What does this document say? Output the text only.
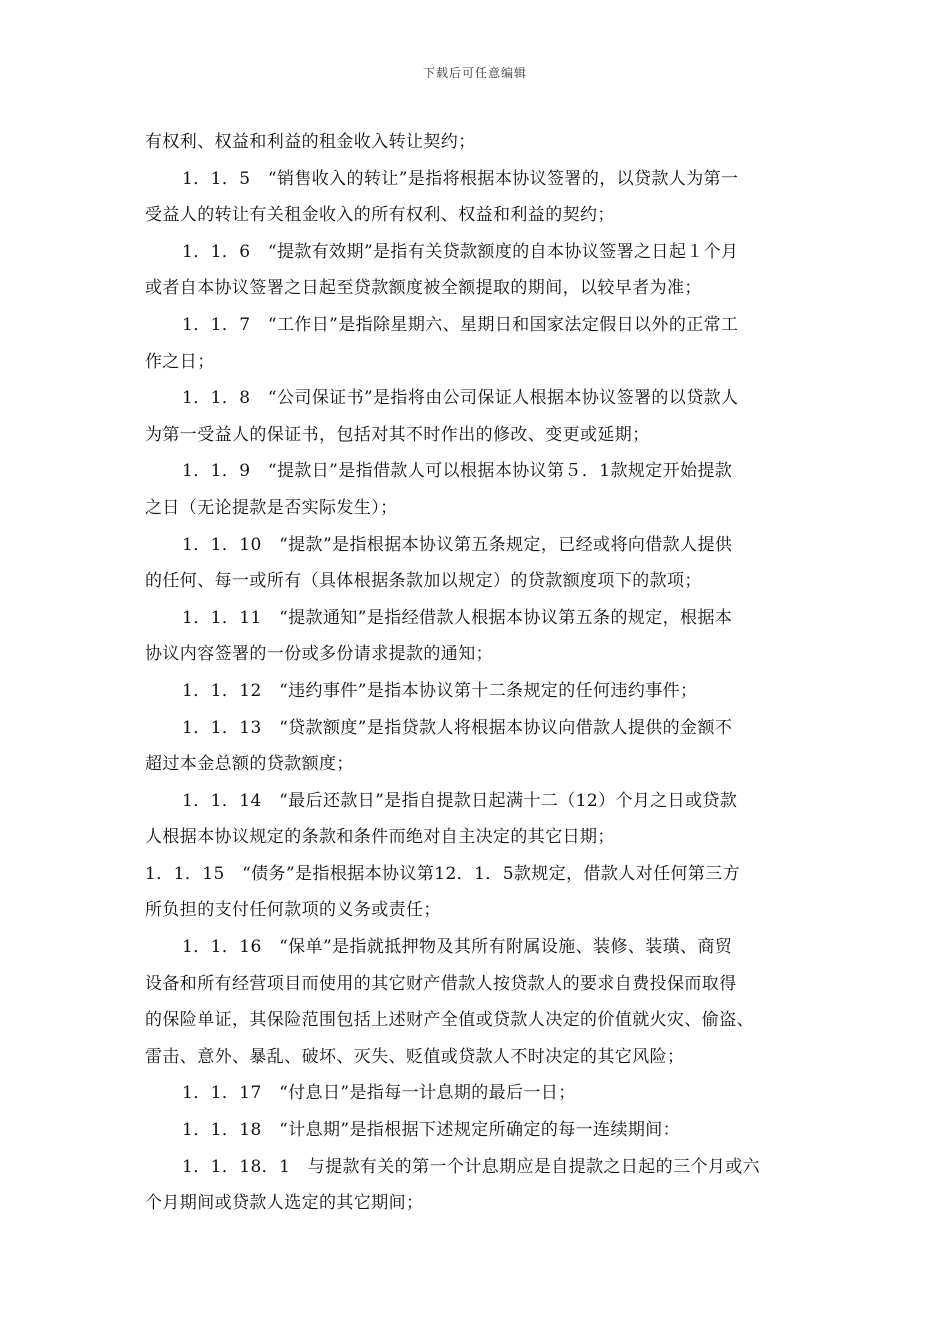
下载后可任意编辑
有权利、权益和利益的租金收入转让契约；
1．1．5　“销售收入的转让”是指将根据本协议签署的，以贷款人为第一
受益人的转让有关租金收入的所有权利、权益和利益的契约；
1．1．6　“提款有效期”是指有关贷款额度的自本协议签署之日起１个月
或者自本协议签署之日起至贷款额度被全额提取的期间，以较早者为准；
1．1．7　“工作日”是指除星期六、星期日和国家法定假日以外的正常工
作之日；
1．1．8　“公司保证书”是指将由公司保证人根据本协议签署的以贷款人
为第一受益人的保证书，包括对其不时作出的修改、变更或延期；
1．1．9　“提款日”是指借款人可以根据本协议第５．1款规定开始提款
之日（无论提款是否实际发生）；
1．1．10　“提款”是指根据本协议第五条规定，已经或将向借款人提供
的任何、每一或所有（具体根据条款加以规定）的贷款额度项下的款项；
1．1．11　“提款通知”是指经借款人根据本协议第五条的规定，根据本
协议内容签署的一份或多份请求提款的通知；
1．1．12　“违约事件”是指本协议第十二条规定的任何违约事件；
1．1．13　“贷款额度”是指贷款人将根据本协议向借款人提供的金额不
超过本金总额的贷款额度；
1．1．14　“最后还款日”是指自提款日起满十二（12）个月之日或贷款
人根据本协议规定的条款和条件而绝对自主决定的其它日期；
1．1．15　“债务”是指根据本协议第12．1．5款规定，借款人对任何第三方
所负担的支付任何款项的义务或责任；
1．1．16　“保单”是指就抵押物及其所有附属设施、装修、装璜、商贸
设备和所有经营项目而使用的其它财产借款人按贷款人的要求自费投保而取得
的保险单证，其保险范围包括上述财产全值或贷款人决定的价值就火灾、偷盗、
雷击、意外、暴乱、破坏、灭失、贬值或贷款人不时决定的其它风险；
1．1．17　“付息日”是指每一计息期的最后一日；
1．1．18　“计息期”是指根据下述规定所确定的每一连续期间：
1．1．18．1　与提款有关的第一个计息期应是自提款之日起的三个月或六
个月期间或贷款人选定的其它期间；
